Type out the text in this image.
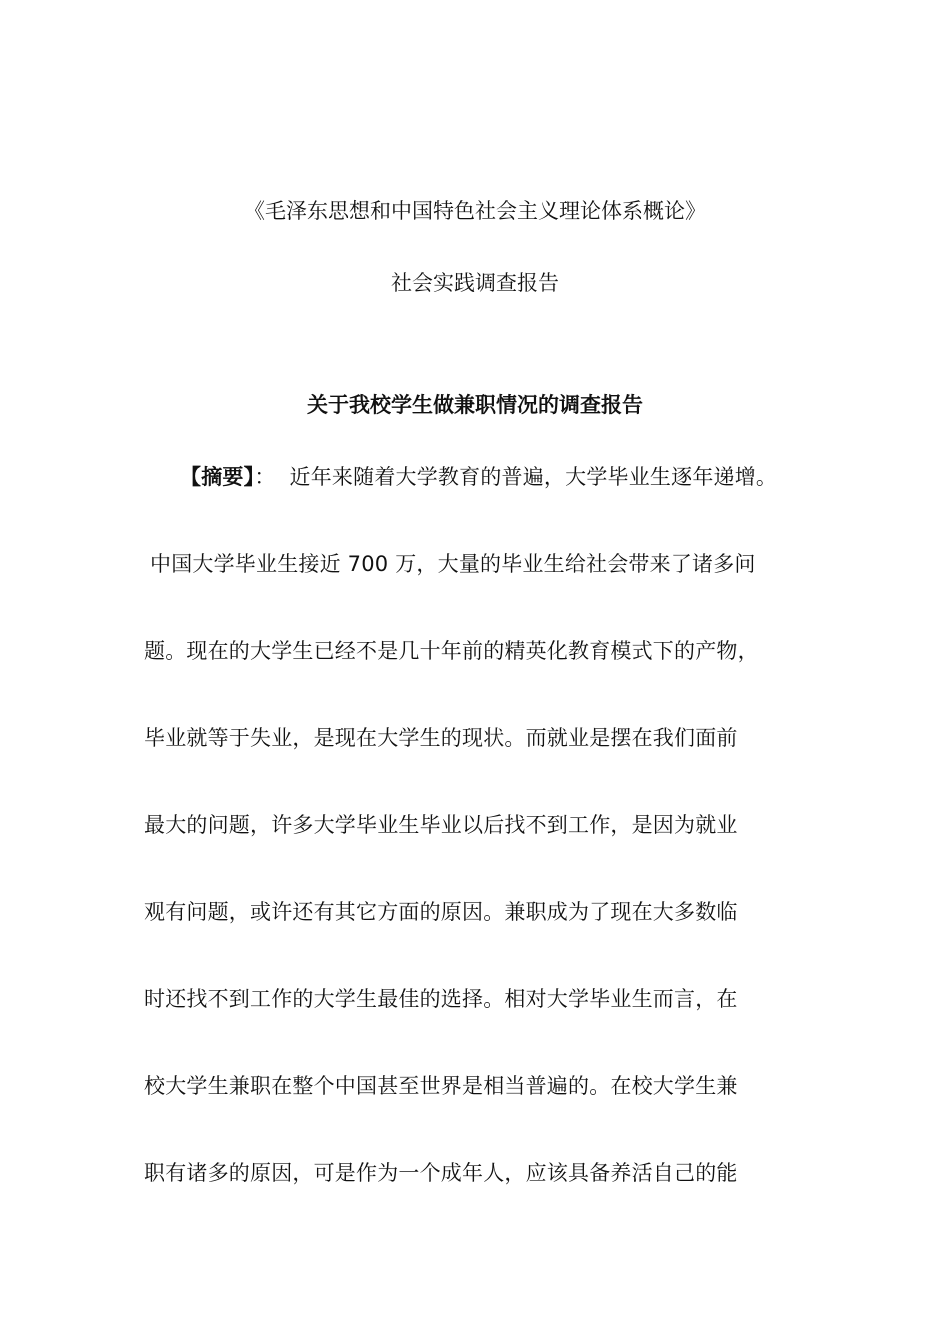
《毛泽东思想和中国特色社会主义理论体系概论》
社会实践调查报告
关于我校学生做兼职情况的调查报告
【摘要】： 近年来随着大学教育的普遍，大学毕业生逐年递增。
中国大学毕业生接近 700 万，大量的毕业生给社会带来了诸多问
题。现在的大学生已经不是几十年前的精英化教育模式下的产物，
毕业就等于失业，是现在大学生的现状。而就业是摆在我们面前
最大的问题，许多大学毕业生毕业以后找不到工作，是因为就业
观有问题，或许还有其它方面的原因。兼职成为了现在大多数临
时还找不到工作的大学生最佳的选择。相对大学毕业生而言，在
校大学生兼职在整个中国甚至世界是相当普遍的。在校大学生兼
职有诸多的原因，可是作为一个成年人，应该具备养活自己的能
